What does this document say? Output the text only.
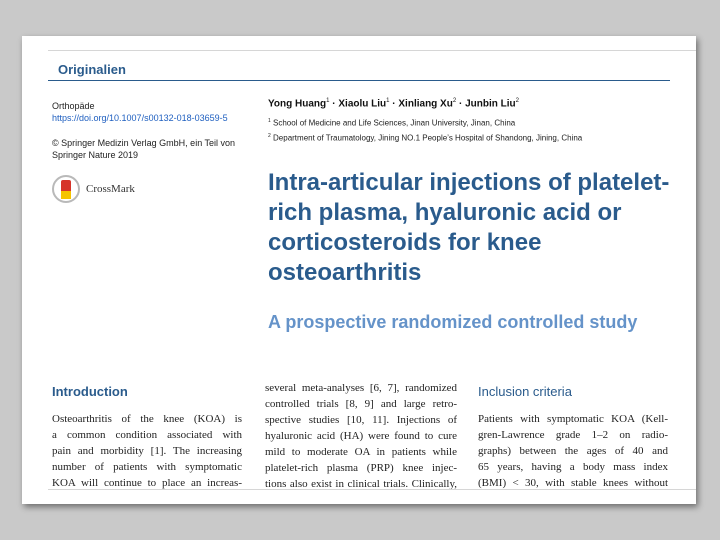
Originalien
Orthopäde
https://doi.org/10.1007/s00132-018-03659-5
© Springer Medizin Verlag GmbH, ein Teil von Springer Nature 2019
CrossMark
Yong Huang$^1$ · Xiaolu Liu$^1$ · Xinliang $Xu^2$ · Junbin Liu$^2$
$^1$ School of Medicine and Life Sciences, Jinan University, Jinan, China
$^2$ Department of Traumatology, Jining NO.1 People’s Hospital of Shandong, Jining, China
Intra-articular injections of platelet-rich plasma, hyaluronic acid or corticosteroids for knee osteoarthritis
A prospective randomized controlled study
Introduction	Inclusion criteria
Osteoarthritis of the knee (KOA) is
a common condition associated with
pain and morbidity [1]. The increasing
number of patients with symptomatic
KOA will continue to place an increas-
several meta-analyses [6, 7], randomized
controlled trials [8, 9] and large retro-
spective studies [10, 11]. Injections of
hyaluronic acid (HA) were found to cure
mild to moderate OA in patients while
platelet-rich plasma (PRP) knee injec-
tions also exist in clinical trials. Clinically,
Patients with symptomatic KOA (Kell-
gren-Lawrence grade 1–2 on radio-
graphs) between the ages of 40 and
65 years, having a body mass index
(BMI) < 30, with stable knees without
